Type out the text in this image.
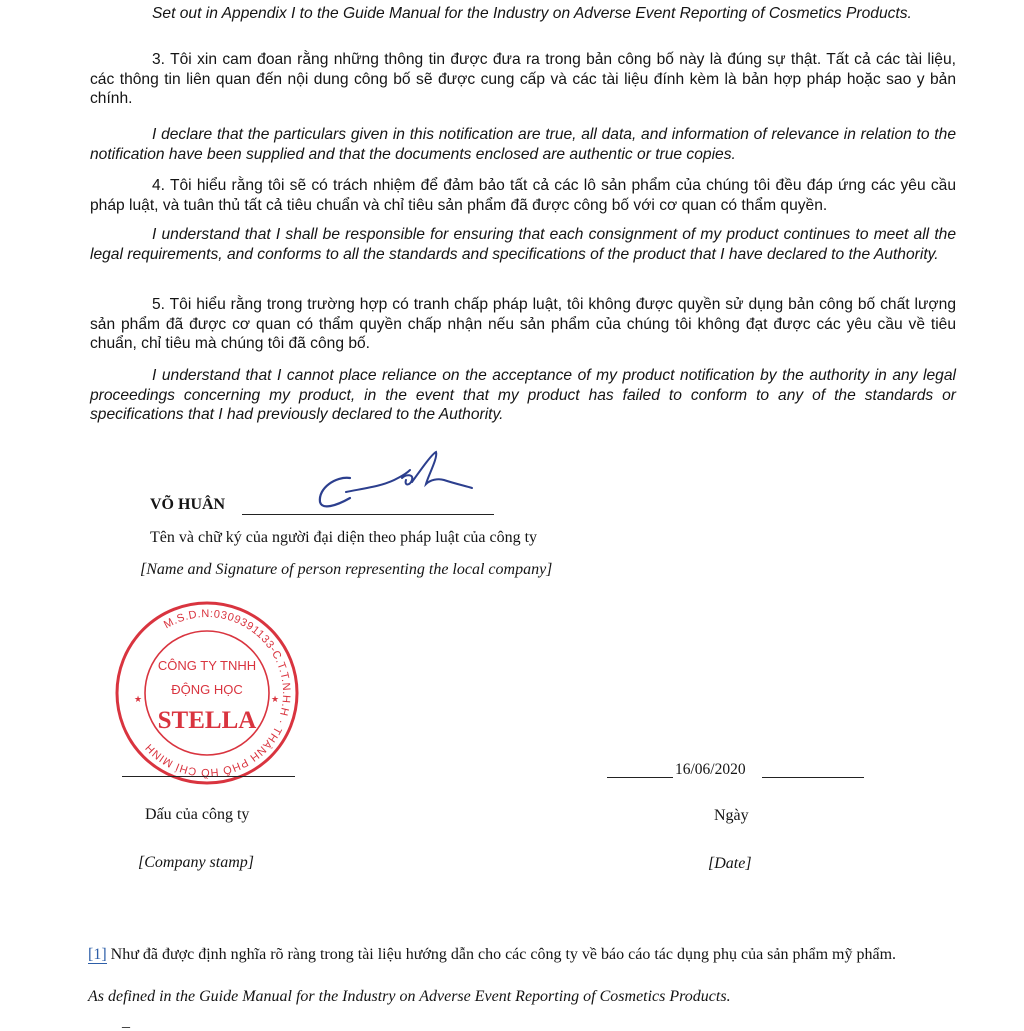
Set out in Appendix I to the Guide Manual for the Industry on Adverse Event Reporting of Cosmetics Products.

3. Tôi xin cam đoan rằng những thông tin được đưa ra trong bản công bố này là đúng sự thật. Tất cả các tài liệu, các thông tin liên quan đến nội dung công bố sẽ được cung cấp và các tài liệu đính kèm là bản hợp pháp hoặc sao y bản chính.

I declare that the particulars given in this notification are true, all data, and information of relevance in relation to the notification have been supplied and that the documents enclosed are authentic or true copies.

4. Tôi hiểu rằng tôi sẽ có trách nhiệm để đảm bảo tất cả các lô sản phẩm của chúng tôi đều đáp ứng các yêu cầu pháp luật, và tuân thủ tất cả tiêu chuẩn và chỉ tiêu sản phẩm đã được công bố với cơ quan có thẩm quyền.

I understand that I shall be responsible for ensuring that each consignment of my product continues to meet all the legal requirements, and conforms to all the standards and specifications of the product that I have declared to the Authority.

5. Tôi hiểu rằng trong trường hợp có tranh chấp pháp luật, tôi không được quyền sử dụng bản công bố chất lượng sản phẩm đã được cơ quan có thẩm quyền chấp nhận nếu sản phẩm của chúng tôi không đạt được các yêu cầu về tiêu chuẩn, chỉ tiêu mà chúng tôi đã công bố.

I understand that I cannot place reliance on the acceptance of my product notification by the authority in any legal proceedings concerning my product, in the event that my product has failed to conform to any of the standards or specifications that I had previously declared to the Authority.

VÕ HUÂN
Tên và chữ ký của người đại diện theo pháp luật của công ty
[Name and Signature of person representing the local company]
M.S.D.N:0309391133-C.T.T.N.H.H · THÀNH PHỐ HỒ CHÍ MINH
CÔNG TY TNHH
ĐỘNG HỌC
STELLA
★	★
16/06/2020
Dấu của công ty	Ngày
[Company stamp]	[Date]
[1] Như đã được định nghĩa rõ ràng trong tài liệu hướng dẫn cho các công ty về báo cáo tác dụng phụ của sản phẩm mỹ phẩm.
As defined in the Guide Manual for the Industry on Adverse Event Reporting of Cosmetics Products.
_
